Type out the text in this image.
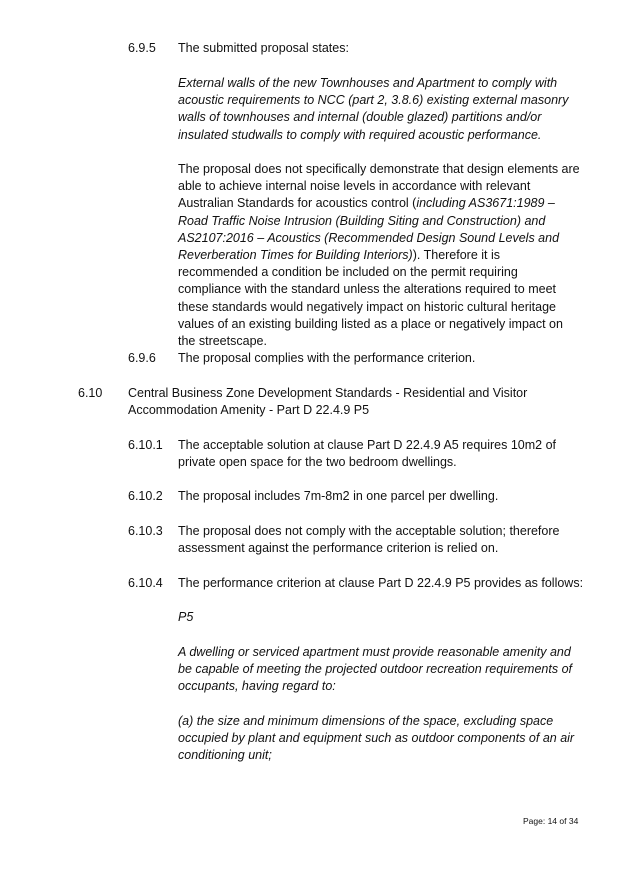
6.9.5 The submitted proposal states:

External walls of the new Townhouses and Apartment to comply with acoustic requirements to NCC (part 2, 3.8.6) existing external masonry walls of townhouses and internal (double glazed) partitions and/or insulated studwalls to comply with required acoustic performance.

The proposal does not specifically demonstrate that design elements are able to achieve internal noise levels in accordance with relevant Australian Standards for acoustics control (including AS3671:1989 – Road Traffic Noise Intrusion (Building Siting and Construction) and AS2107:2016 – Acoustics (Recommended Design Sound Levels and Reverberation Times for Building Interiors)). Therefore it is recommended a condition be included on the permit requiring compliance with the standard unless the alterations required to meet these standards would negatively impact on historic cultural heritage values of an existing building listed as a place or negatively impact on the streetscape.

6.9.6 The proposal complies with the performance criterion.

6.10 Central Business Zone Development Standards - Residential and Visitor Accommodation Amenity - Part D 22.4.9 P5

6.10.1 The acceptable solution at clause Part D 22.4.9 A5 requires 10m2 of private open space for the two bedroom dwellings.

6.10.2 The proposal includes 7m-8m2 in one parcel per dwelling.

6.10.3 The proposal does not comply with the acceptable solution; therefore assessment against the performance criterion is relied on.

6.10.4 The performance criterion at clause Part D 22.4.9 P5 provides as follows:

P5

A dwelling or serviced apartment must provide reasonable amenity and be capable of meeting the projected outdoor recreation requirements of occupants, having regard to:

(a) the size and minimum dimensions of the space, excluding space occupied by plant and equipment such as outdoor components of an air conditioning unit;

Page: 14 of 34
